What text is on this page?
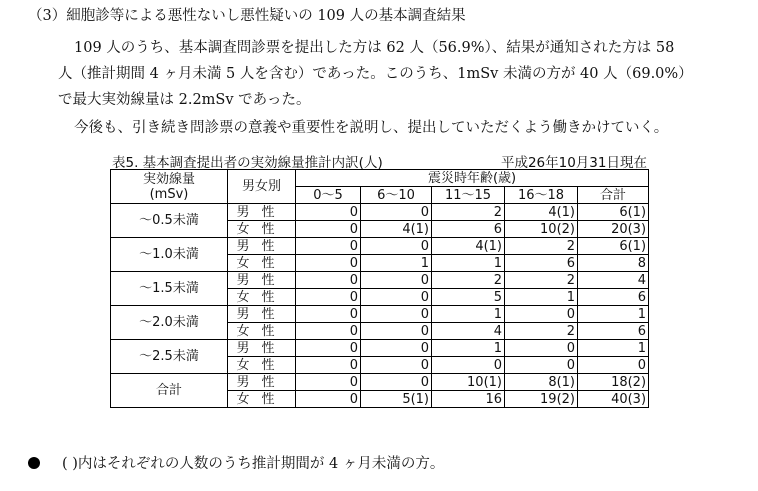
（3）細胞診等による悪性ないし悪性疑いの 109 人の基本調査結果
109 人のうち、基本調査問診票を提出した方は 62 人（56.9%）、結果が通知された方は 58
人（推計期間 4 ヶ月未満 5 人を含む）であった。このうち、1mSv 未満の方が 40 人（69.0%）
で最大実効線量は 2.2mSv であった。
今後も、引き続き問診票の意義や重要性を説明し、提出していただくよう働きかけていく。
表5. 基本調査提出者の実効線量推計内訳(人)	平成26年10月31日現在
実効線量
(mSv)	男女別	震災時年齢(歳)				
		0～5	6～10	11～15	16～18	合計
～0.5未満	男性	0	0	2	4(1)	6(1)
	女性	0	4(1)	6	10(2)	20(3)
～1.0未満	男性	0	0	4(1)	2	6(1)
	女性	0	1	1	6	8
～1.5未満	男性	0	0	2	2	4
	女性	0	0	5	1	6
～2.0未満	男性	0	0	1	0	1
	女性	0	0	4	2	6
～2.5未満	男性	0	0	1	0	1
	女性	0	0	0	0	0
合計	男性	0	0	10(1)	8(1)	18(2)
	女性	0	5(1)	16	19(2)	40(3)
( )内はそれぞれの人数のうち推計期間が 4 ヶ月未満の方。
